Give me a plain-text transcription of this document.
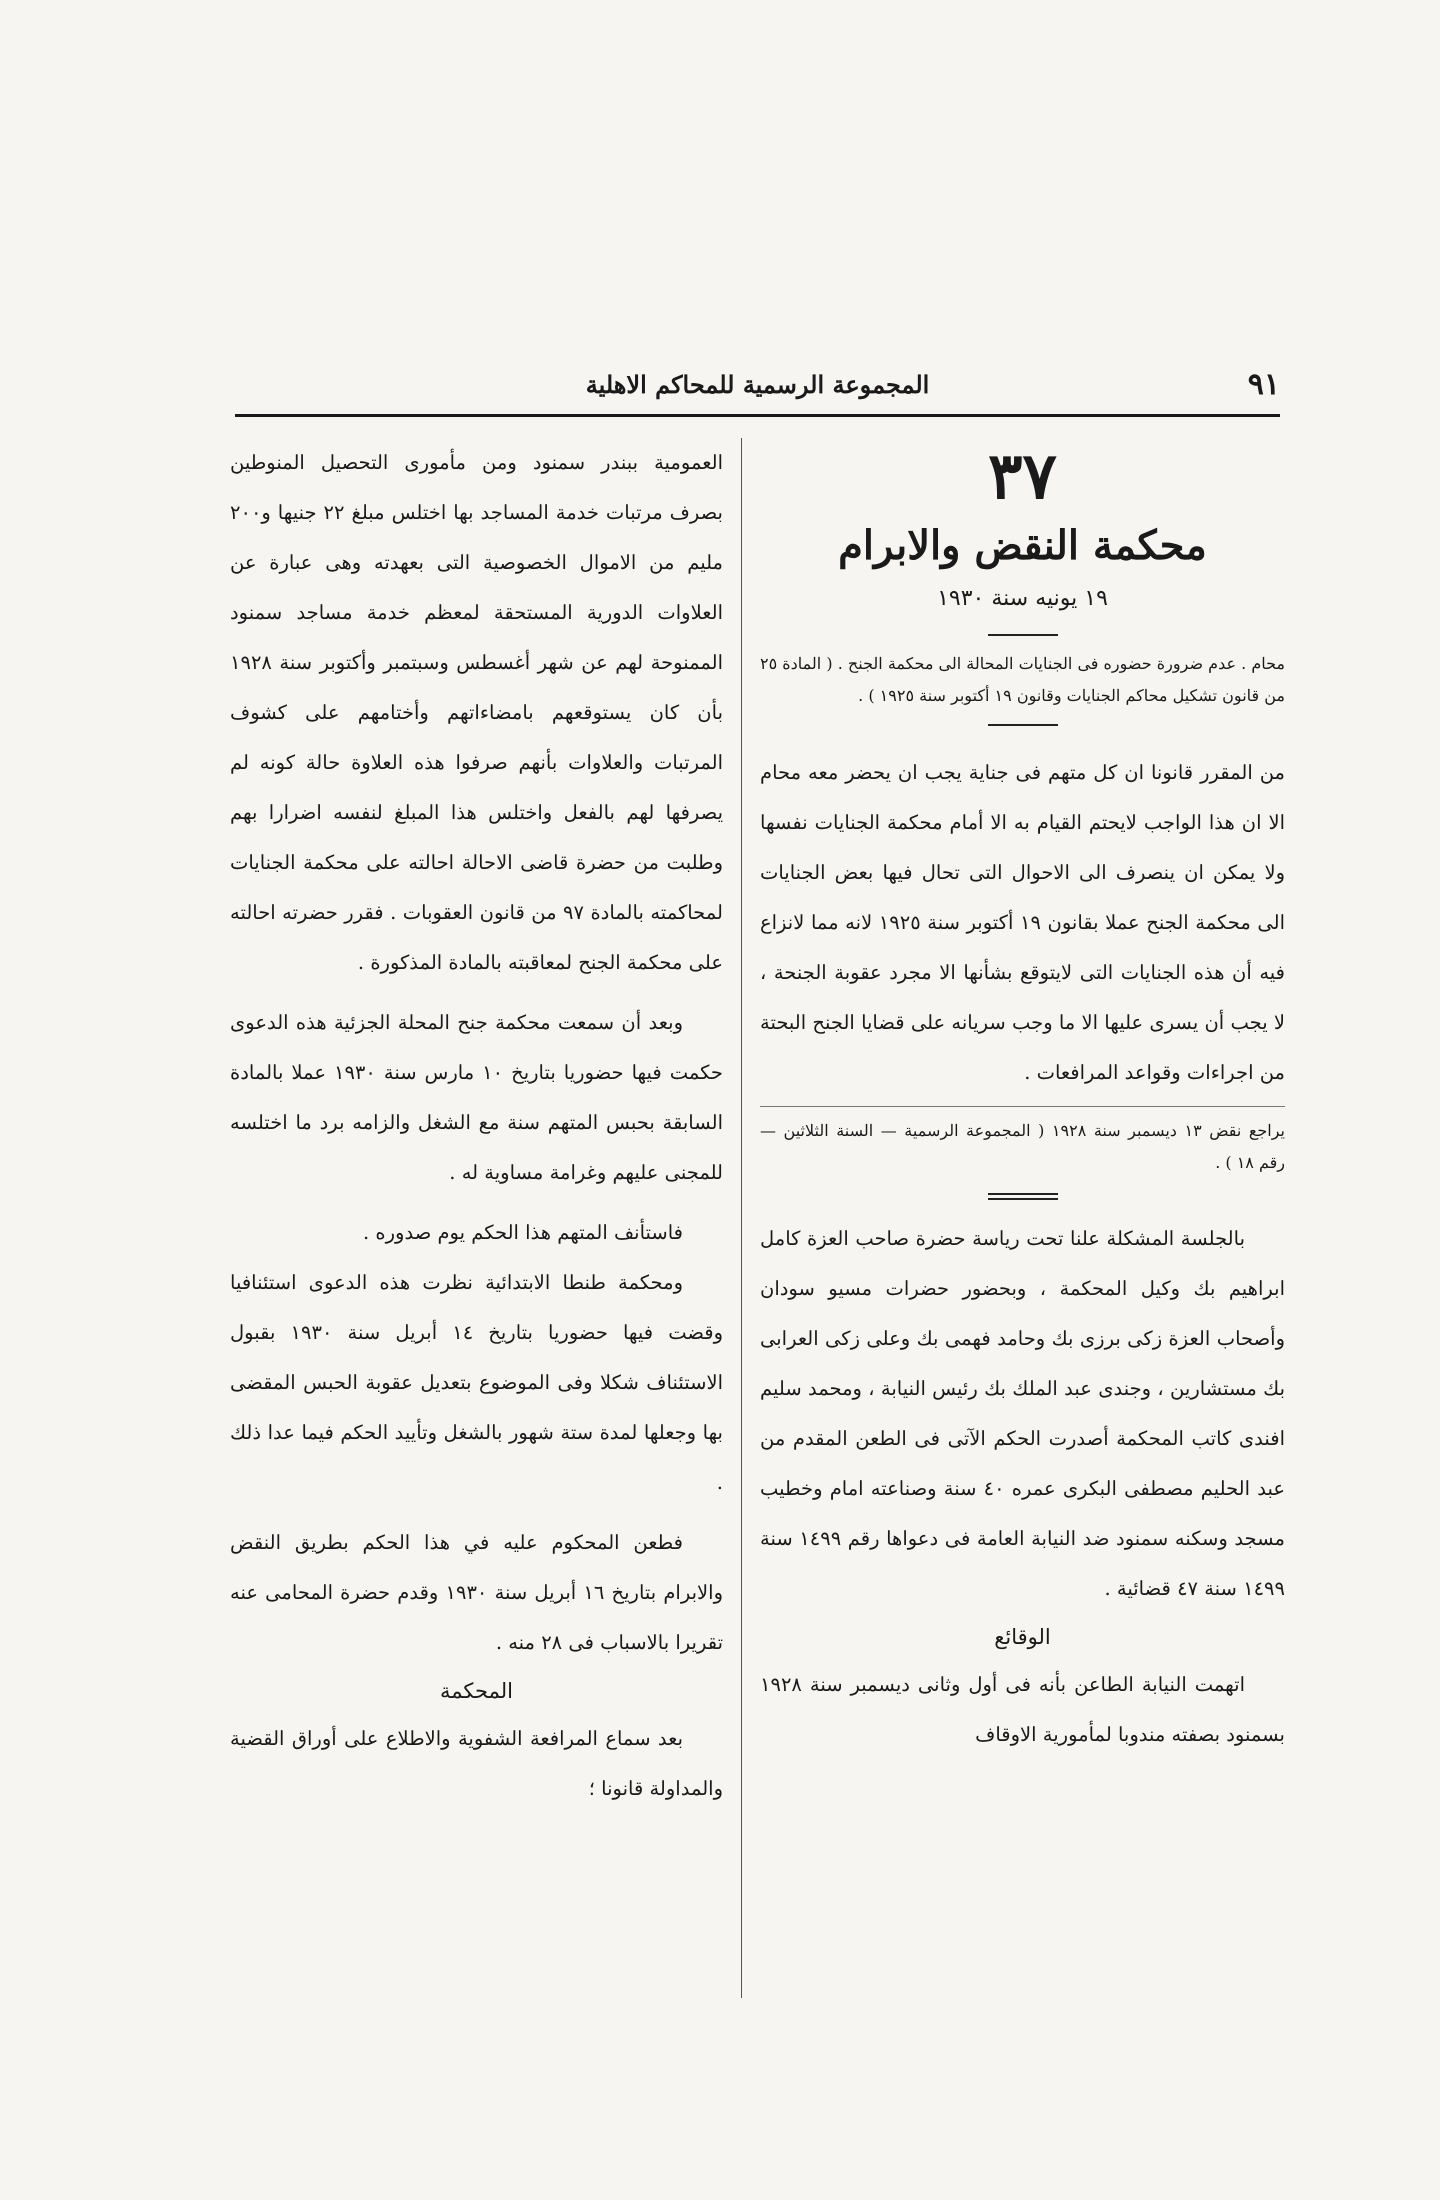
٩١
المجموعة الرسمية للمحاكم الاهلية
٣٧
محكمة النقض والابرام
١٩ يونيه سنة ١٩٣٠

محام . عدم ضرورة حضوره فى الجنايات المحالة الى محكمة الجنح . ( المادة ٢٥ من قانون تشكيل محاكم الجنايات وقانون ١٩ أكتوبر سنة ١٩٢٥ ) .

من المقرر قانونا ان كل متهم فى جناية يجب ان يحضر معه محام الا ان هذا الواجب لايحتم القيام به الا أمام محكمة الجنايات نفسها ولا يمكن ان ينصرف الى الاحوال التى تحال فيها بعض الجنايات الى محكمة الجنح عملا بقانون ١٩ أكتوبر سنة ١٩٢٥ لانه مما لانزاع فيه أن هذه الجنايات التى لايتوقع بشأنها الا مجرد عقوبة الجنحة ، لا يجب أن يسرى عليها الا ما وجب سريانه على قضايا الجنح البحتة من اجراءات وقواعد المرافعات .

يراجع نقض ١٣ ديسمبر سنة ١٩٢٨ ( المجموعة الرسمية — السنة الثلاثين — رقم ١٨ ) .

بالجلسة المشكلة علنا تحت رياسة حضرة صاحب العزة كامل ابراهيم بك وكيل المحكمة ، وبحضور حضرات مسيو سودان وأصحاب العزة زكى برزى بك وحامد فهمى بك وعلى زكى العرابى بك مستشارين ، وجندى عبد الملك بك رئيس النيابة ، ومحمد سليم افندى كاتب المحكمة أصدرت الحكم الآتى فى الطعن المقدم من عبد الحليم مصطفى البكرى عمره ٤٠ سنة وصناعته امام وخطيب مسجد وسكنه سمنود ضد النيابة العامة فى دعواها رقم ١٤٩٩ سنة ١٤٩٩ سنة ٤٧ قضائية .

الوقائع

اتهمت النيابة الطاعن بأنه فى أول وثانى ديسمبر سنة ١٩٢٨ بسمنود بصفته مندوبا لمأمورية الاوقاف

العمومية ببندر سمنود ومن مأمورى التحصيل المنوطين بصرف مرتبات خدمة المساجد بها اختلس مبلغ ٢٢ جنيها و٢٠٠ مليم من الاموال الخصوصية التى بعهدته وهى عبارة عن العلاوات الدورية المستحقة لمعظم خدمة مساجد سمنود الممنوحة لهم عن شهر أغسطس وسبتمبر وأكتوبر سنة ١٩٢٨ بأن كان يستوقعهم بامضاءاتهم وأختامهم على كشوف المرتبات والعلاوات بأنهم صرفوا هذه العلاوة حالة كونه لم يصرفها لهم بالفعل واختلس هذا المبلغ لنفسه اضرارا بهم وطلبت من حضرة قاضى الاحالة احالته على محكمة الجنايات لمحاكمته بالمادة ٩٧ من قانون العقوبات . فقرر حضرته احالته على محكمة الجنح لمعاقبته بالمادة المذكورة .

وبعد أن سمعت محكمة جنح المحلة الجزئية هذه الدعوى حكمت فيها حضوريا بتاريخ ١٠ مارس سنة ١٩٣٠ عملا بالمادة السابقة بحبس المتهم سنة مع الشغل والزامه برد ما اختلسه للمجنى عليهم وغرامة مساوية له .

فاستأنف المتهم هذا الحكم يوم صدوره .

ومحكمة طنطا الابتدائية نظرت هذه الدعوى استئنافيا وقضت فيها حضوريا بتاريخ ١٤ أبريل سنة ١٩٣٠ بقبول الاستئناف شكلا وفى الموضوع بتعديل عقوبة الحبس المقضى بها وجعلها لمدة ستة شهور بالشغل وتأييد الحكم فيما عدا ذلك .

فطعن المحكوم عليه في هذا الحكم بطريق النقض والابرام بتاريخ ١٦ أبريل سنة ١٩٣٠ وقدم حضرة المحامى عنه تقريرا بالاسباب فى ٢٨ منه .

المحكمة

بعد سماع المرافعة الشفوية والاطلاع على أوراق القضية والمداولة قانونا ؛
